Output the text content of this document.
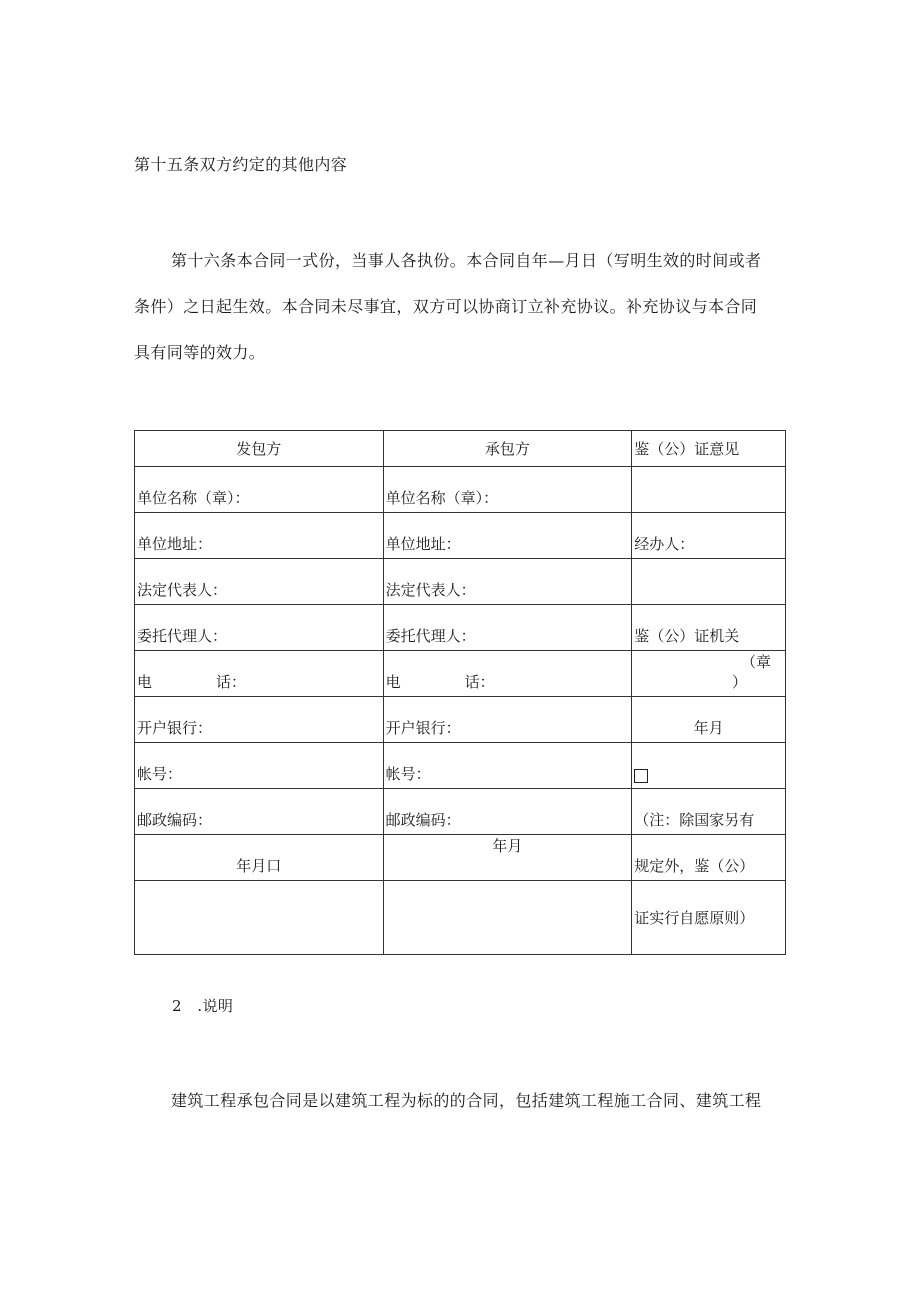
第十五条双方约定的其他内容
第十六条本合同一式份，当事人各执份。本合同自年—月日（写明生效的时间或者
条件）之日起生效。本合同未尽事宜，双方可以协商订立补充协议。补充协议与本合同
具有同等的效力。
发包方	承包方	鉴（公）证意见
单位名称（章）：	单位名称（章）：	
单位地址：	单位地址：	经办人：
法定代表人：	法定代表人：	
委托代理人：	委托代理人：	鉴（公）证机关
电 话：	电 话：	（章
）

开户银行：	开户银行：	年月
帐号：	帐号：	
邮政编码：	邮政编码：	（注：除国家另有
年月口	年月	规定外，鉴（公）
		证实行自愿原则）
2　.说明
建筑工程承包合同是以建筑工程为标的的合同，包括建筑工程施工合同、建筑工程
